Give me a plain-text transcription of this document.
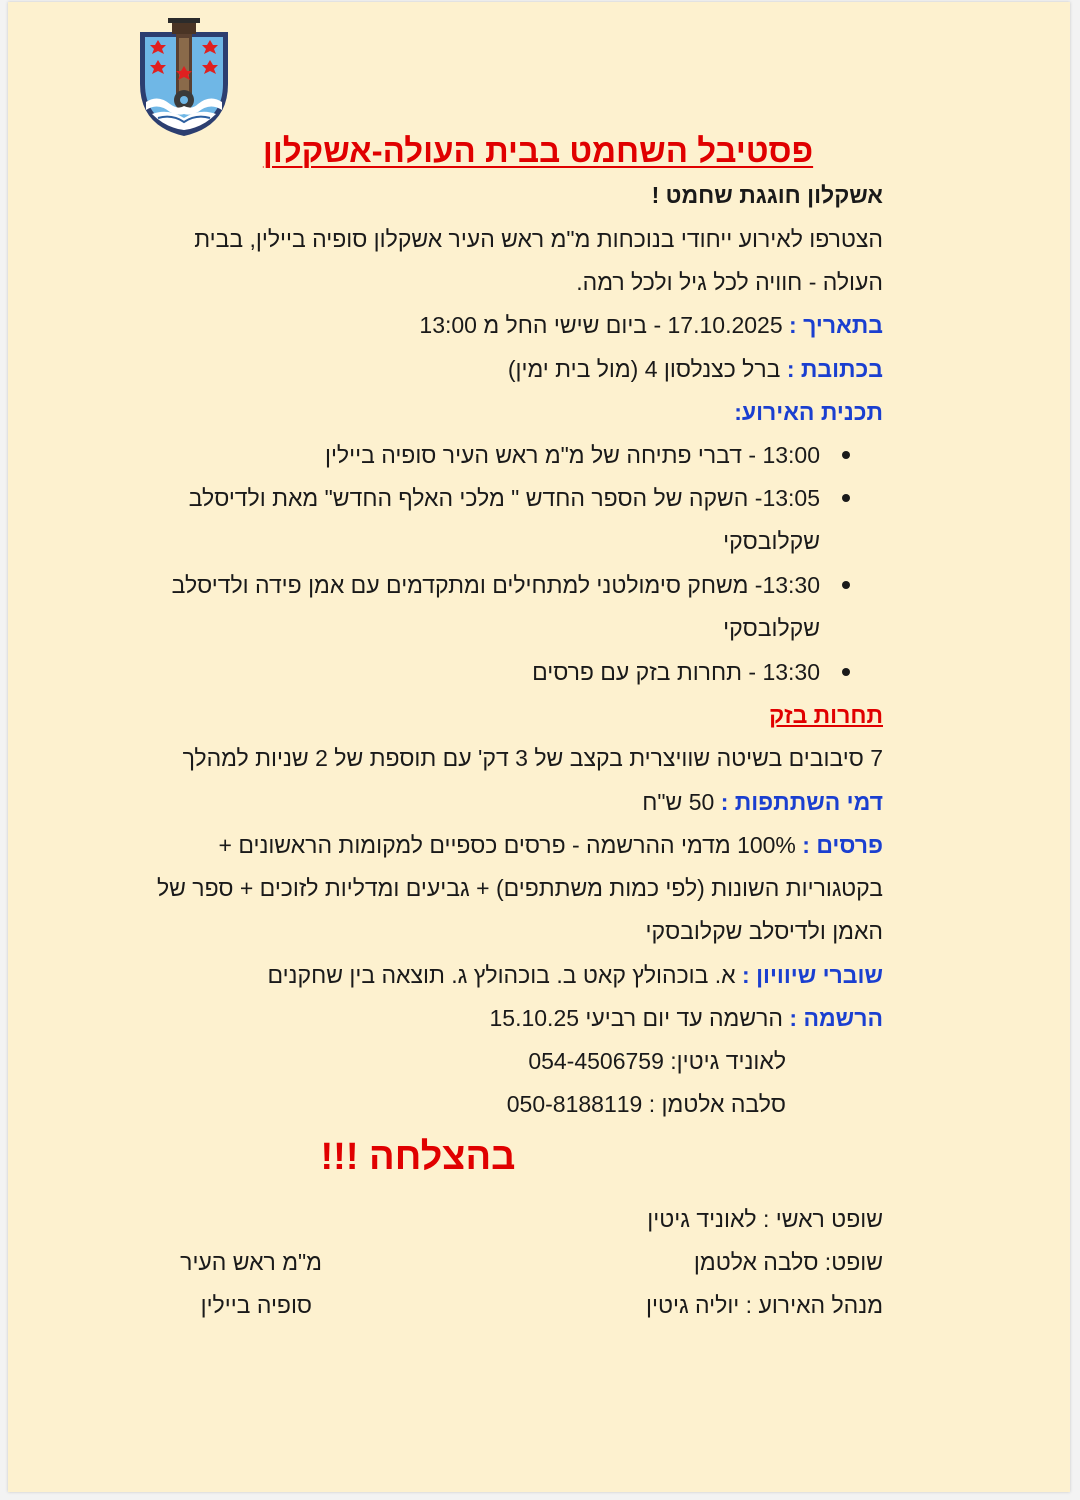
פסטיבל השחמט בבית העולה-אשקלון
אשקלון חוגגת שחמט !
הצטרפו לאירוע ייחודי בנוכחות מ"מ ראש העיר אשקלון סופיה ביילין, בבית
העולה - חוויה לכל גיל ולכל רמה.
בתאריך : 17.10.2025 - ביום שישי החל מ 13:00
בכתובת : ברל כצנלסון 4 (מול בית ימין)
תכנית האירוע:
13:00 - דברי פתיחה של מ"מ ראש העיר סופיה ביילין
13:05- השקה של הספר החדש " מלכי האלף החדש" מאת ולדיסלב
שקלובסקי
13:30- משחק סימולטני למתחילים ומתקדמים עם אמן פידה ולדיסלב
שקלובסקי
13:30 - תחרות בזק עם פרסים
תחרות בזק
7 סיבובים בשיטה שוויצרית בקצב של 3 דק' עם תוספת של 2 שניות למהלך
דמי השתתפות : 50 ש"ח
פרסים : 100% מדמי ההרשמה - פרסים כספיים למקומות הראשונים +
בקטגוריות השונות (לפי כמות משתתפים) + גביעים ומדליות לזוכים + ספר של
האמן ולדיסלב שקלובסקי
שוברי שיוויון : א. בוכהולץ קאט ב. בוכהולץ ג. תוצאה בין שחקנים
הרשמה : הרשמה עד יום רביעי 15.10.25
לאוניד גיטין: 054-4506759
סלבה אלטמן : 050-8188119
בהצלחה !!!
שופט ראשי : לאוניד גיטין
שופט: סלבה אלטמן
מנהל האירוע : יוליה גיטין
מ"מ ראש העיר
סופיה ביילין
